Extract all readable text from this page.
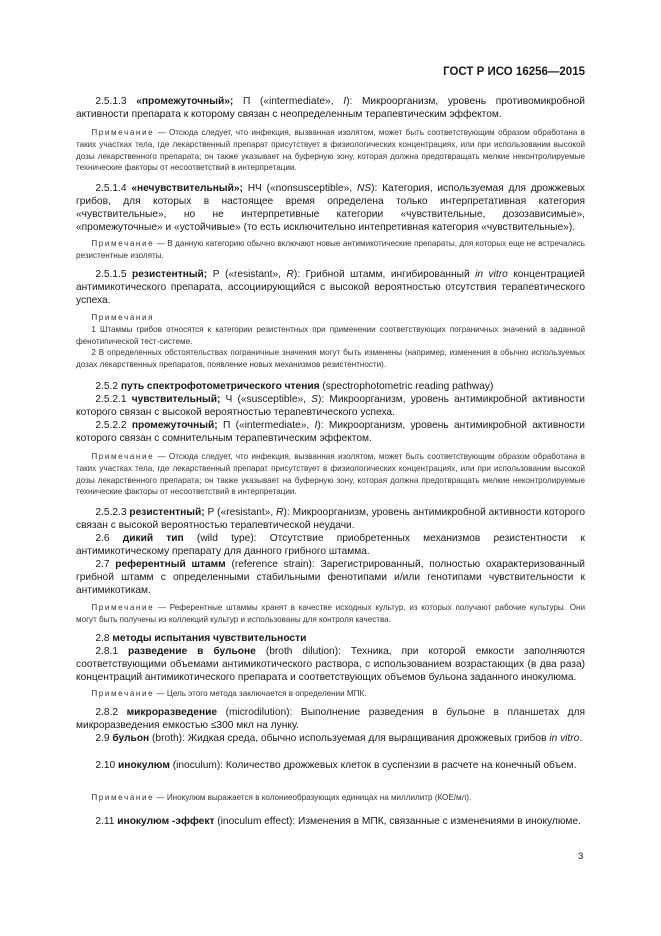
ГОСТ Р ИСО 16256—2015
2.5.1.3 «промежуточный»; П («intermediate», I): Микроорганизм, уровень противомикробной активности препарата к которому связан с неопределенным терапевтическим эффектом.
Примечание — Отсюда следует, что инфекция, вызванная изолятом, может быть соответствующим образом обработана в таких участках тела, где лекарственный препарат присутствует в физиологических концентрациях, или при использовании высокой дозы лекарственного препарата; он также указывает на буферную зону, которая должна предотвращать мелкие неконтролируемые технические факторы от несоответствий в интерпретации.
2.5.1.4 «нечувствительный»; НЧ («nonsusceptible», NS): Категория, используемая для дрожжевых грибов, для которых в настоящее время определена только интерпретативная категория «чувствительные», но не интерпретивные категории «чувствительные, дозозависимые», «промежуточные» и «устойчивые» (то есть исключительно интепретивная категория «чувствительные»).
Примечание — В данную категорию обычно включают новые антимикотические препараты, для которых еще не встречались резистентные изоляты.
2.5.1.5 резистентный; Р («resistant», R): Грибной штамм, ингибированный in vitro концентрацией антимикотического препарата, ассоциирующийся с высокой вероятностью отсутствия терапевтического успеха.
Примечания
1 Штаммы грибов относятся к категории резистентных при применении соответствующих пограничных значений в заданной фенотипической тест-системе.
2 В определенных обстоятельствах пограничные значения могут быть изменены (например, изменения в обычно используемых дозах лекарственных препаратов, появление новых механизмов резистентности).
2.5.2 путь спектрофотометрического чтения (spectrophotometric reading pathway)
2.5.2.1 чувствительный; Ч («susceptible», S): Микроорганизм, уровень антимикробной активности которого связан с высокой вероятностью терапевтического успеха.
2.5.2.2 промежуточный; П («intermediate», I): Микроорганизм, уровень антимикробной активности которого связан с сомнительным терапевтическим эффектом.
Примечание — Отсюда следует, что инфекция, вызванная изолятом, может быть соответствующим образом обработана в таких участках тела, где лекарственный препарат присутствует в физиологических концентрациях, или при использовании высокой дозы лекарственного препарата; он также указывает на буферную зону, которая должна предотвращать мелкие неконтролируемые технические факторы от несоответствий в интерпретации.
2.5.2.3 резистентный; Р («resistant», R): Микроорганизм, уровень антимикробной активности которого связан с высокой вероятностью терапевтической неудачи.
2.6 дикий тип (wild type): Отсутствие приобретенных механизмов резистентности к антимикотическому препарату для данного грибного штамма.
2.7 референтный штамм (reference strain): Зарегистрированный, полностью охарактеризованный грибной штамм с определенными стабильными фенотипами и/или генотипами чувствительности к антимикотикам.
Примечание — Референтные штаммы хранят в качестве исходных культур, из которых получают рабочие культуры. Они могут быть получены из коллекций культур и использованы для контроля качества.
2.8 методы испытания чувствительности
2.8.1 разведение в бульоне (broth dilution): Техника, при которой емкости заполняются соответствующими объемами антимикотического раствора, с использованием возрастающих (в два раза) концентраций антимикотического препарата и соответствующих объемов бульона заданного инокулюма.
Примечание — Цель этого метода заключается в определении МПК.
2.8.2 микроразведение (microdilution): Выполнение разведения в бульоне в планшетах для микроразведения емкостью ≤300 мкл на лунку.
2.9 бульон (broth): Жидкая среда, обычно используемая для выращивания дрожжевых грибов in vitro.
2.10 инокулюм (inoculum): Количество дрожжевых клеток в суспензии в расчете на конечный объем.
Примечание — Инокулюм выражается в колониеобразующих единицах на миллилитр (КОЕ/мл).
2.11 инокулюм -эффект (inoculum effect): Изменения в МПК, связанные с изменениями в инокулюме.
3
